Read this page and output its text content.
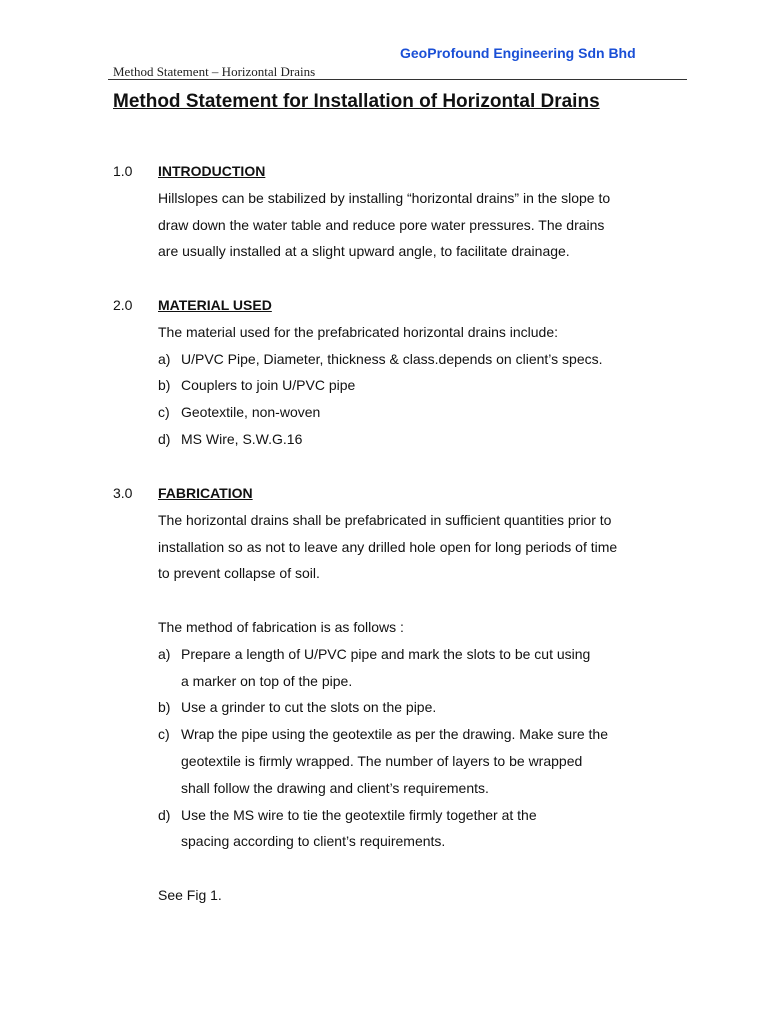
GeoProfound Engineering Sdn Bhd
Method Statement – Horizontal Drains
Method Statement for Installation of Horizontal Drains
1.0 INTRODUCTION
Hillslopes can be stabilized by installing “horizontal drains” in the slope to
draw down the water table and reduce pore water pressures. The drains
are usually installed at a slight upward angle, to facilitate drainage.
2.0 MATERIAL USED
The material used for the prefabricated horizontal drains include:
a) U/PVC Pipe, Diameter, thickness & class.depends on client’s specs.
b) Couplers to join U/PVC pipe
c) Geotextile, non-woven
d) MS Wire, S.W.G.16
3.0 FABRICATION
The horizontal drains shall be prefabricated in sufficient quantities prior to
installation so as not to leave any drilled hole open for long periods of time
to prevent collapse of soil.
The method of fabrication is as follows :
a) Prepare a length of U/PVC pipe and mark the slots to be cut using
a marker on top of the pipe.
b) Use a grinder to cut the slots on the pipe.
c) Wrap the pipe using the geotextile as per the drawing. Make sure the
geotextile is firmly wrapped. The number of layers to be wrapped
shall follow the drawing and client’s requirements.
d) Use the MS wire to tie the geotextile firmly together at the
spacing according to client’s requirements.
See Fig 1.
